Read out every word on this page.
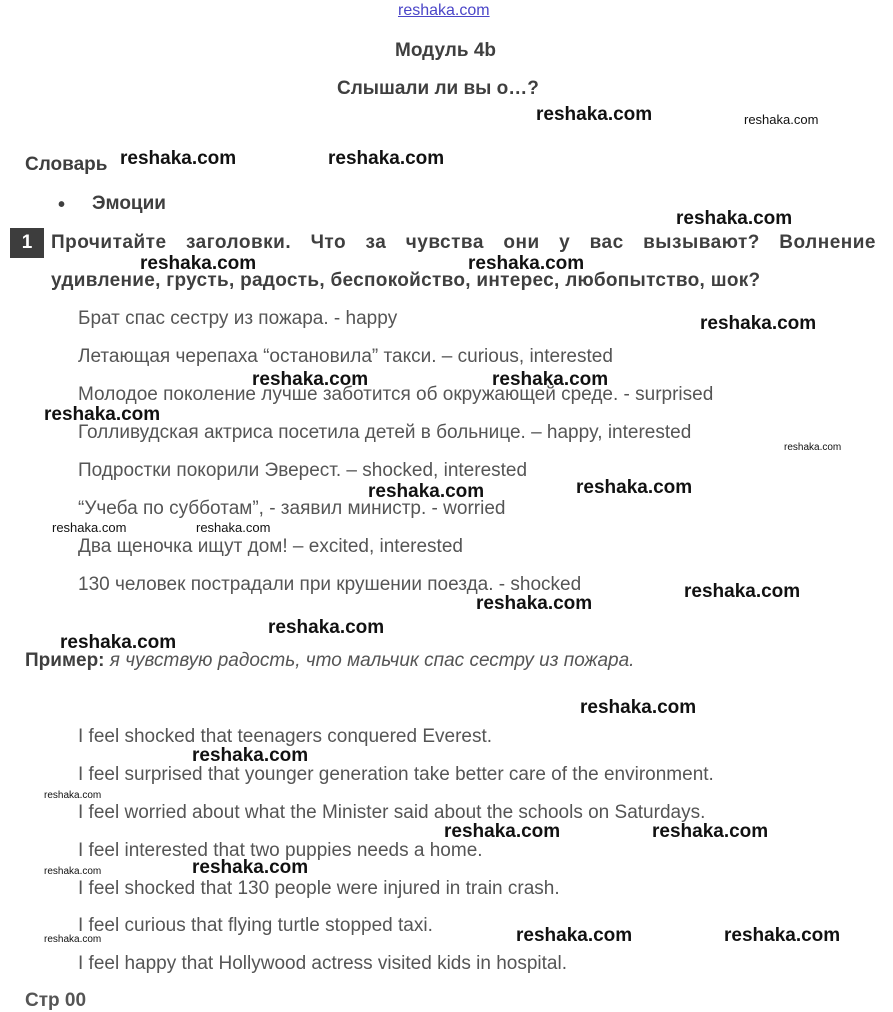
reshaka.com
Модуль 4b
Слышали ли вы о…?
Словарь
• Эмоции
1 Прочитайте заголовки. Что за чувства они у вас вызывают? Волнение
удивление, грусть, радость, беспокойство, интерес, любопытство, шок?
Брат спас сестру из пожара. - happy
Летающая черепаха “остановила” такси. – curious, interested
Молодое поколение лучше заботится об окружающей среде. - surprised
Голливудская актриса посетила детей в больнице. – happy, interested
Подростки покорили Эверест. – shocked, interested
“Учеба по субботам”, - заявил министр. - worried
Два щеночка ищут дом! – excited, interested
130 человек пострадали при крушении поезда. - shocked
Пример: я чувствую радость, что мальчик спас сестру из пожара.
I feel shocked that teenagers conquered Everest.
I feel surprised that younger generation take better care of the environment.
I feel worried about what the Minister said about the schools on Saturdays.
I feel interested that two puppies needs a home.
I feel shocked that 130 people were injured in train crash.
I feel curious that flying turtle stopped taxi.
I feel happy that Hollywood actress visited kids in hospital.
Стр 00
reshaka.com	reshaka.com
reshaka.com	reshaka.com
reshaka.com
reshaka.com	reshaka.com
reshaka.com
reshaka.com	reshaka.com
reshaka.com
reshaka.com
reshaka.com	reshaka.com
reshaka.com	reshaka.com
reshaka.com
reshaka.com
reshaka.com
reshaka.com
reshaka.com
reshaka.com
reshaka.com
reshaka.com	reshaka.com
reshaka.com
reshaka.com
reshaka.com	reshaka.com	reshaka.com
